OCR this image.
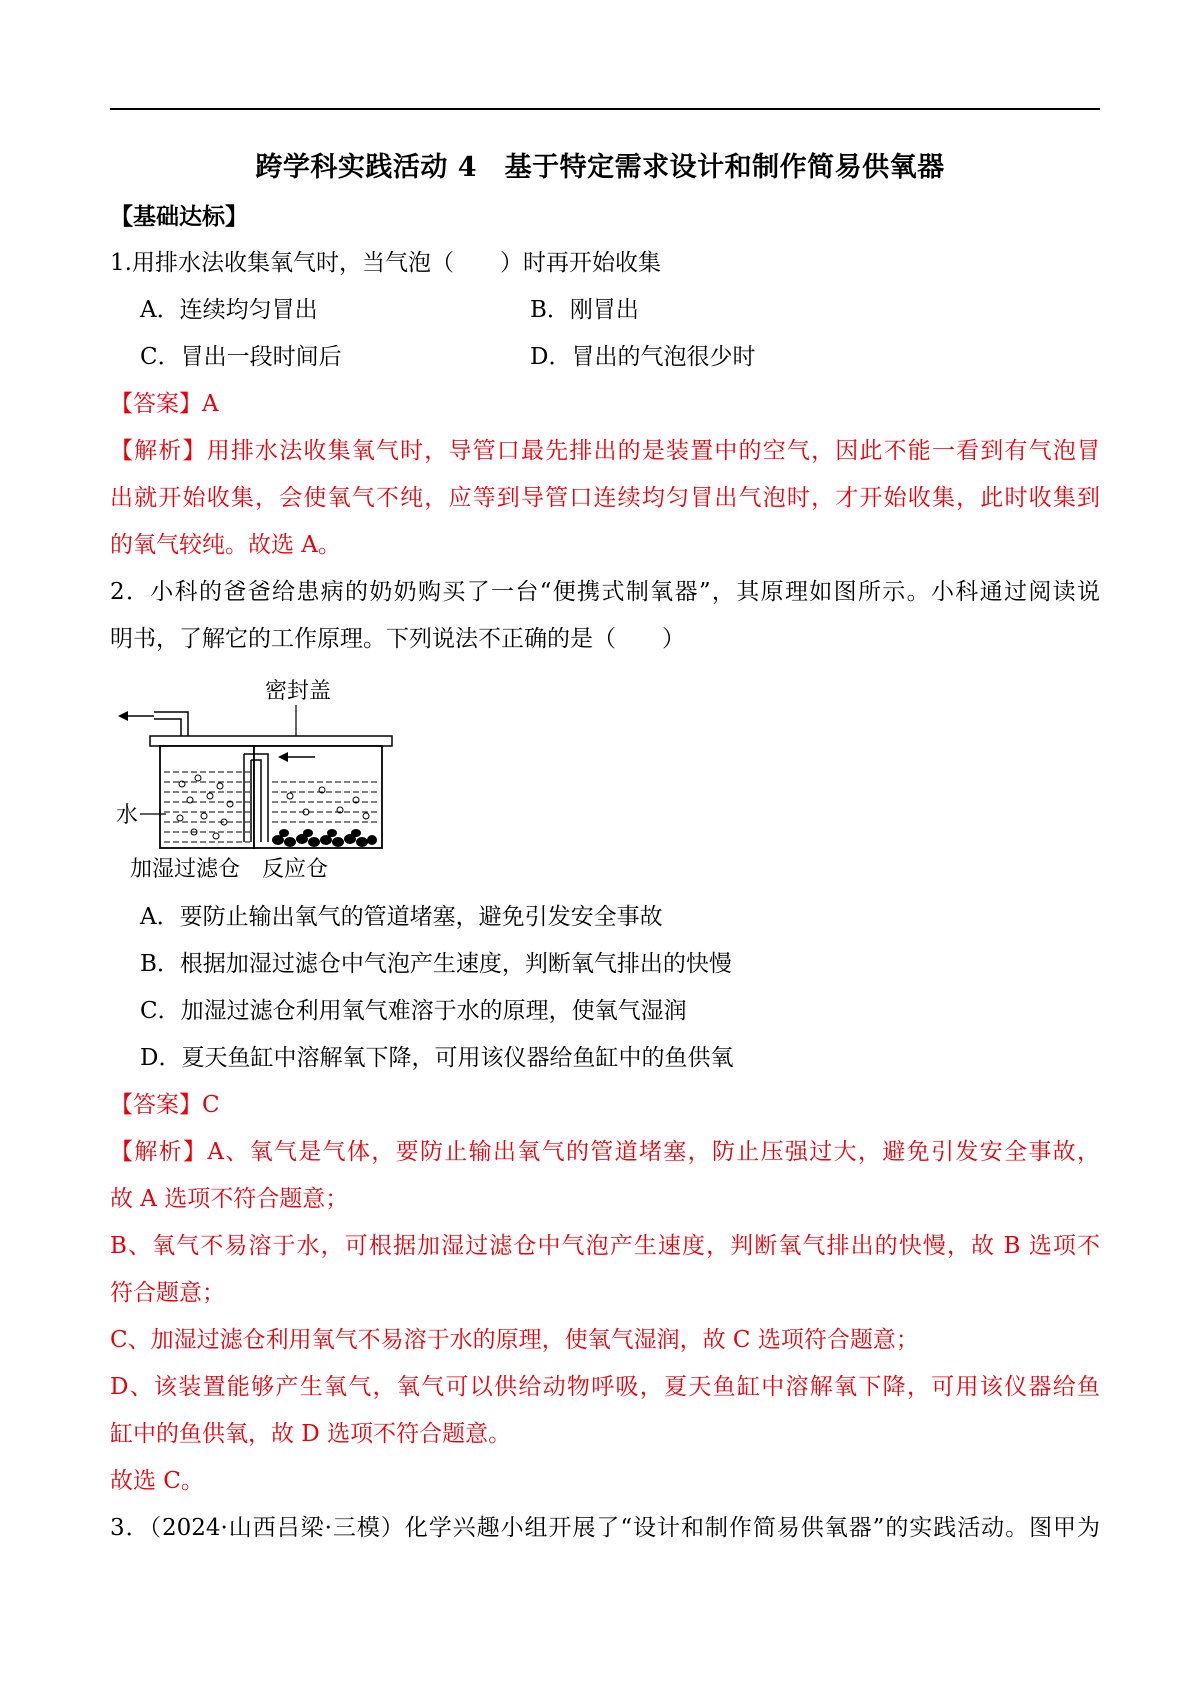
跨学科实践活动 4　基于特定需求设计和制作简易供氧器
【基础达标】
1.用排水法收集氧气时，当气泡（　　）时再开始收集
A．连续均匀冒出	B．刚冒出
C．冒出一段时间后	D．冒出的气泡很少时
【答案】A
【解析】用排水法收集氧气时，导管口最先排出的是装置中的空气，因此不能一看到有气泡冒
出就开始收集，会使氧气不纯，应等到导管口连续均匀冒出气泡时，才开始收集，此时收集到
的氧气较纯。故选 A。
2．小科的爸爸给患病的奶奶购买了一台“便携式制氧器”，其原理如图所示。小科通过阅读说
明书，了解它的工作原理。下列说法不正确的是（　　）
密封盖
水
加湿过滤仓 反应仓
A．要防止输出氧气的管道堵塞，避免引发安全事故
B．根据加湿过滤仓中气泡产生速度，判断氧气排出的快慢
C．加湿过滤仓利用氧气难溶于水的原理，使氧气湿润
D．夏天鱼缸中溶解氧下降，可用该仪器给鱼缸中的鱼供氧
【答案】C
【解析】A、氧气是气体，要防止输出氧气的管道堵塞，防止压强过大，避免引发安全事故，
故 A 选项不符合题意；
B、氧气不易溶于水，可根据加湿过滤仓中气泡产生速度，判断氧气排出的快慢，故 B 选项不
符合题意；
C、加湿过滤仓利用氧气不易溶于水的原理，使氧气湿润，故 C 选项符合题意；
D、该装置能够产生氧气，氧气可以供给动物呼吸，夏天鱼缸中溶解氧下降，可用该仪器给鱼
缸中的鱼供氧，故 D 选项不符合题意。
故选 C。
3．（2024·山西吕梁·三模）化学兴趣小组开展了“设计和制作简易供氧器”的实践活动。图甲为
